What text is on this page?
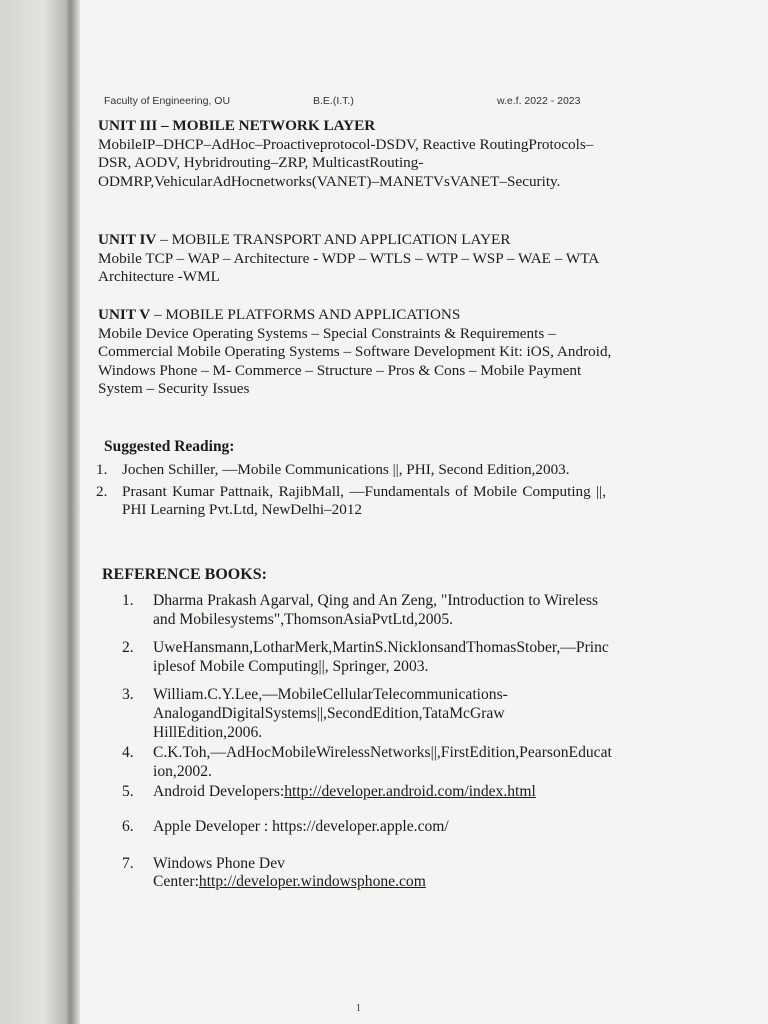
Faculty of Engineering, OU	B.E.(I.T.)	w.e.f. 2022 - 2023
UNIT III – MOBILE NETWORK LAYER
MobileIP–DHCP–AdHoc–Proactiveprotocol-DSDV, Reactive RoutingProtocols–DSR, AODV, Hybridrouting–ZRP, MulticastRouting-ODMRP,VehicularAdHocnetworks(VANET)–MANETVsVANET–Security.
UNIT IV – MOBILE TRANSPORT AND APPLICATION LAYER
Mobile TCP – WAP – Architecture - WDP – WTLS – WTP – WSP – WAE – WTA Architecture -WML
UNIT V – MOBILE PLATFORMS AND APPLICATIONS
Mobile Device Operating Systems – Special Constraints & Requirements – Commercial Mobile Operating Systems – Software Development Kit: iOS, Android, Windows Phone – M- Commerce – Structure – Pros & Cons – Mobile Payment System – Security Issues
Suggested Reading:
1. Jochen Schiller, ―Mobile Communications ||, PHI, Second Edition,2003.
2. Prasant Kumar Pattnaik, RajibMall, ―Fundamentals of Mobile Computing ||, PHI Learning Pvt.Ltd, NewDelhi–2012
REFERENCE BOOKS:
1.	Dharma Prakash Agarval, Qing and An Zeng, "Introduction to Wireless and Mobilesystems",ThomsonAsiaPvtLtd,2005.
2.	UweHansmann,LotharMerk,MartinS.NicklonsandThomasStober,―Principlesof Mobile Computing||, Springer, 2003.
3.	William.C.Y.Lee,―MobileCellularTelecommunications-AnalogandDigitalSystems||,SecondEdition,TataMcGraw HillEdition,2006.
4.	C.K.Toh,―AdHocMobileWirelessNetworks||,FirstEdition,PearsonEducation,2002.
5.	Android Developers:http://developer.android.com/index.html
6.	Apple Developer : https://developer.apple.com/
7.	Windows Phone Dev Center:http://developer.windowsphone.com
1
